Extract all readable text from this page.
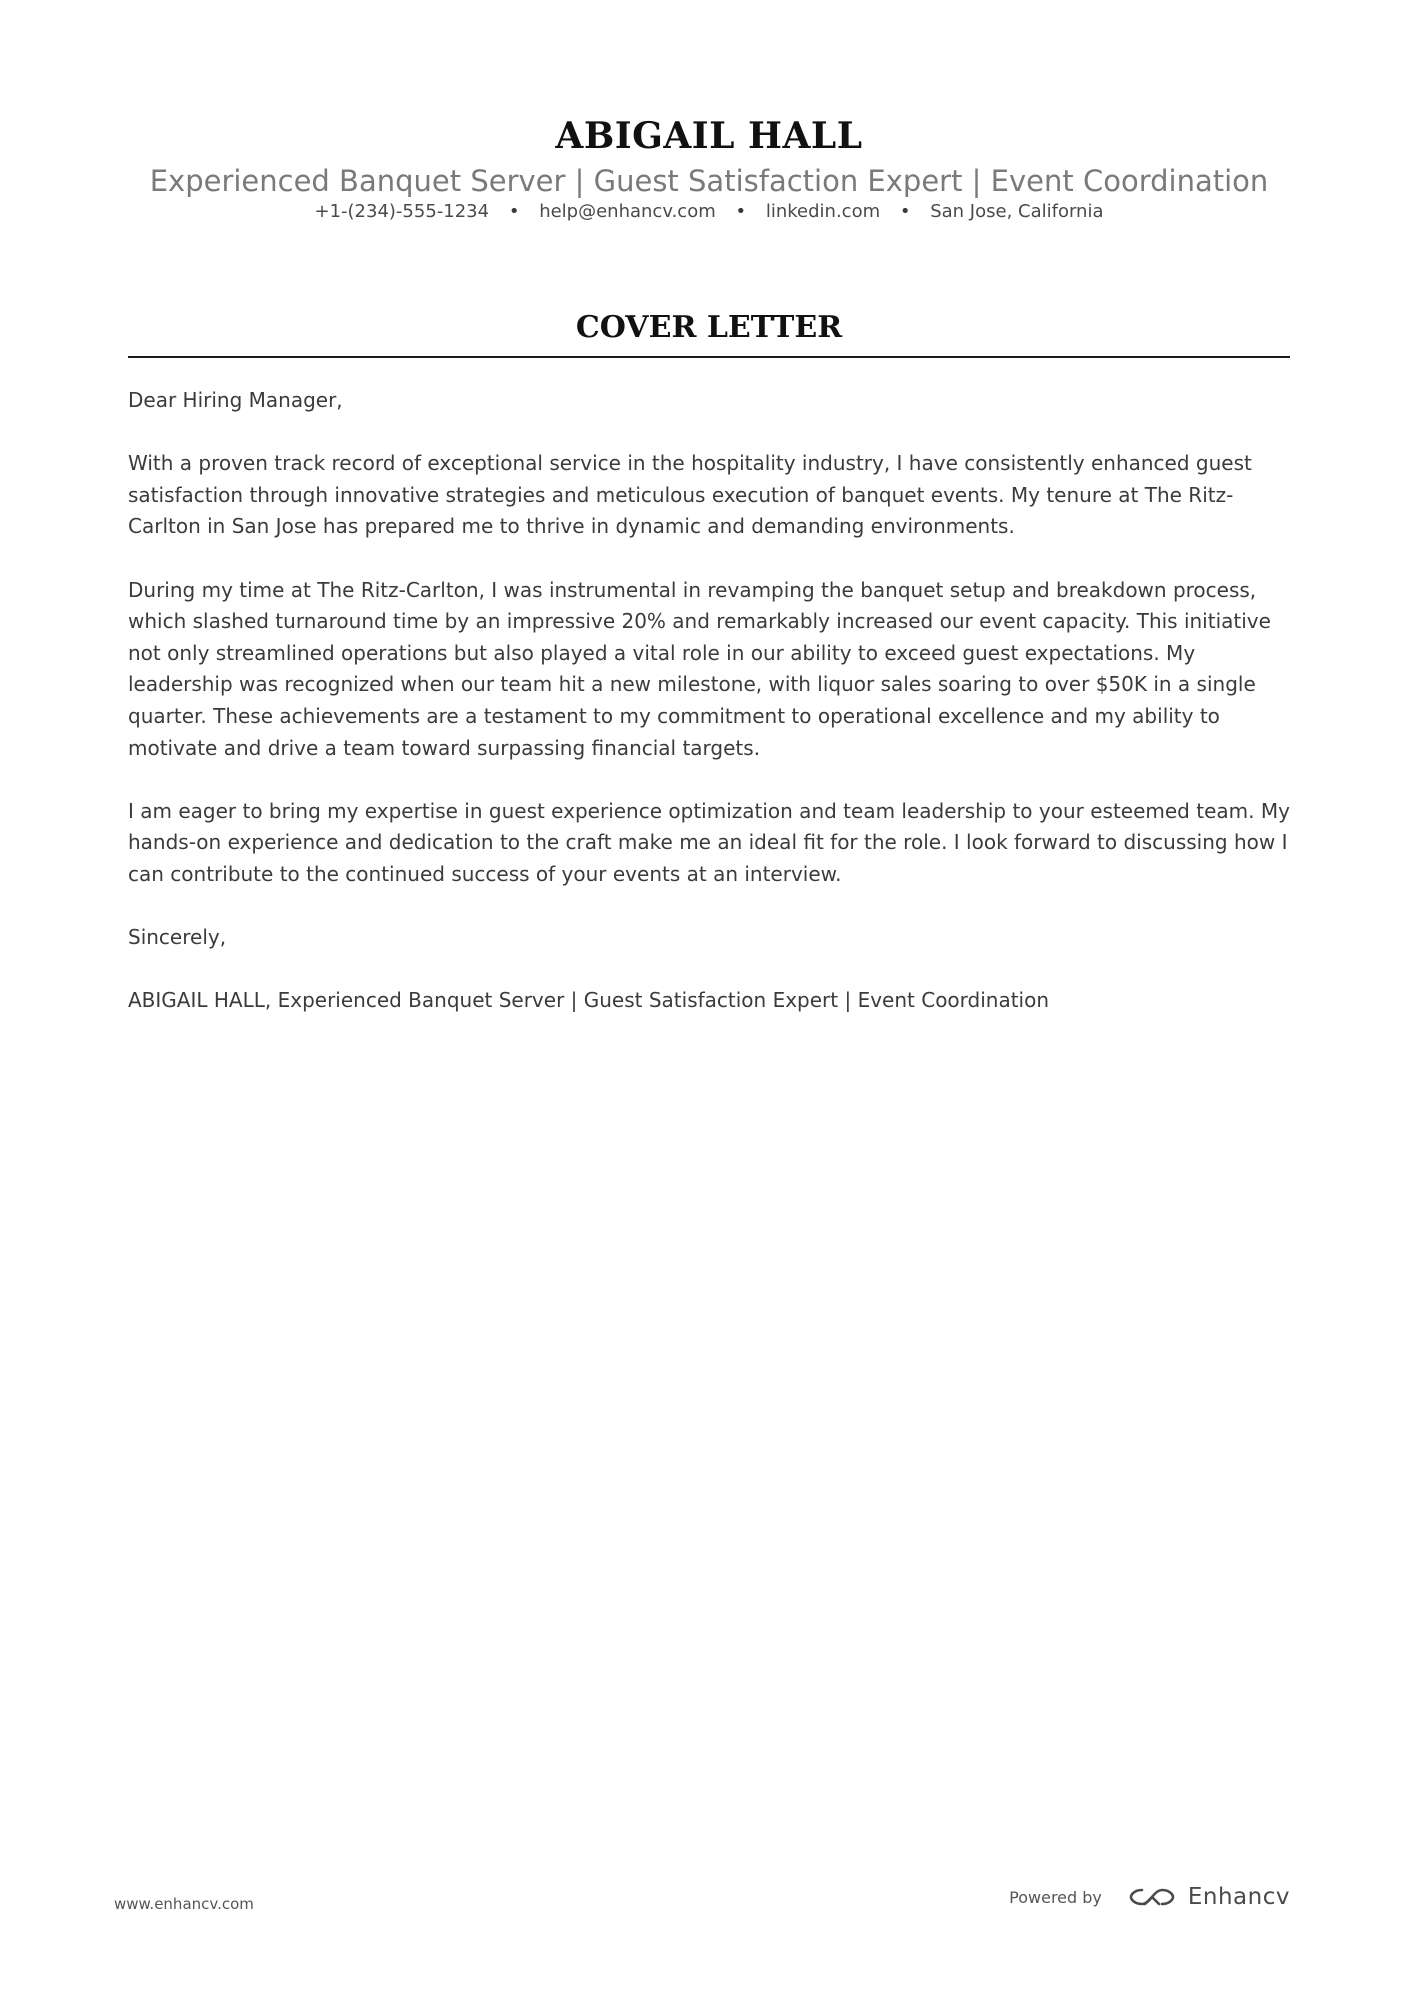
ABIGAIL HALL
Experienced Banquet Server | Guest Satisfaction Expert | Event Coordination
+1-(234)-555-1234 • help@enhancv.com • linkedin.com • San Jose, California
COVER LETTER

Dear Hiring Manager,

With a proven track record of exceptional service in the hospitality industry, I have consistently enhanced guest satisfaction through innovative strategies and meticulous execution of banquet events. My tenure at The Ritz-Carlton in San Jose has prepared me to thrive in dynamic and demanding environments.

During my time at The Ritz-Carlton, I was instrumental in revamping the banquet setup and breakdown process, which slashed turnaround time by an impressive 20% and remarkably increased our event capacity. This initiative not only streamlined operations but also played a vital role in our ability to exceed guest expectations. My leadership was recognized when our team hit a new milestone, with liquor sales soaring to over $50K in a single quarter. These achievements are a testament to my commitment to operational excellence and my ability to motivate and drive a team toward surpassing financial targets.

I am eager to bring my expertise in guest experience optimization and team leadership to your esteemed team. My hands-on experience and dedication to the craft make me an ideal fit for the role. I look forward to discussing how I can contribute to the continued success of your events at an interview.

Sincerely,

ABIGAIL HALL, Experienced Banquet Server | Guest Satisfaction Expert | Event Coordination

www.enhancv.com	Powered by	Enhancv
